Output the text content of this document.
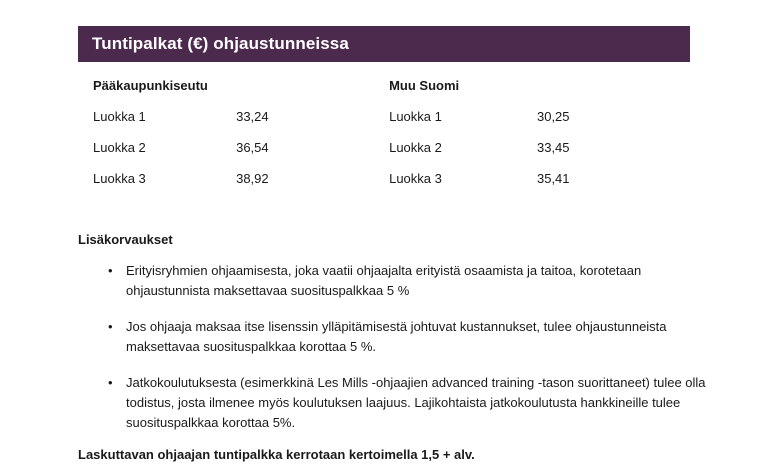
Tuntipalkat (€) ohjaustunneissa
Pääkaupunkiseutu		Muu Suomi	
Luokka 1	33,24	Luokka 1	30,25
Luokka 2	36,54	Luokka 2	33,45
Luokka 3	38,92	Luokka 3	35,41

Lisäkorvaukset

• Erityisryhmien ohjaamisesta, joka vaatii ohjaajalta erityistä osaamista ja taitoa, korotetaan ohjaustunnista maksettavaa suosituspalkkaa 5 %
• Jos ohjaaja maksaa itse lisenssin ylläpitämisestä johtuvat kustannukset, tulee ohjaustunneista maksettavaa suosituspalkkaa korottaa 5 %.
• Jatkokoulutuksesta (esimerkkinä Les Mills -ohjaajien advanced training -tason suorittaneet) tulee olla todistus, josta ilmenee myös koulutuksen laajuus. Lajikohtaista jatkokoulutusta hankkineille tulee suosituspalkkaa korottaa 5%.
Laskuttavan ohjaajan tuntipalkka kerrotaan kertoimella 1,5 + alv.
